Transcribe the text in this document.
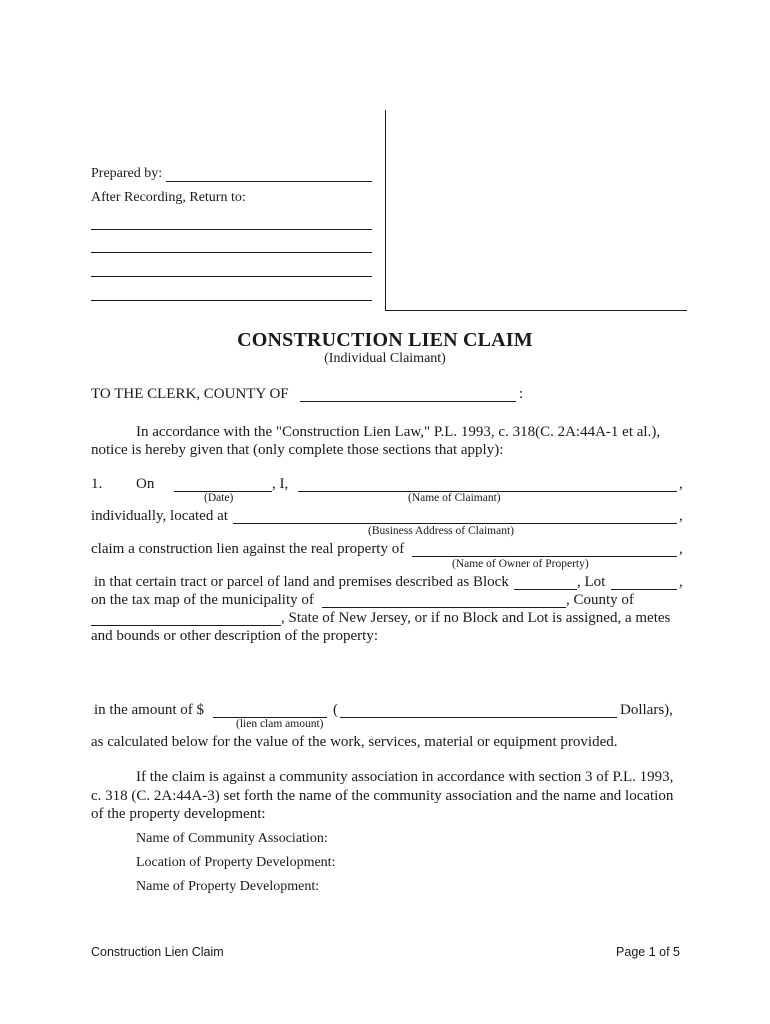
Prepared by:
After Recording, Return to:
CONSTRUCTION LIEN CLAIM
(Individual Claimant)
TO THE CLERK, COUNTY OF	:
In accordance with the "Construction Lien Law," P.L. 1993, c. 318(C. 2A:44A-1 et al.),
notice is hereby given that (only complete those sections that apply):
1. On	, I,	,
(Date)	(Name of Claimant)
individually, located at	,
(Business Address of Claimant)
claim a construction lien against the real property of	,
(Name of Owner of Property)
in that certain tract or parcel of land and premises described as Block	, Lot	,
on the tax map of the municipality of	, County of
, State of New Jersey, or if no Block and Lot is assigned, a metes
and bounds or other description of the property:
in the amount of $	(	Dollars),
(lien clam amount)
as calculated below for the value of the work, services, material or equipment provided.
If the claim is against a community association in accordance with section 3 of P.L. 1993,
c. 318 (C. 2A:44A-3) set forth the name of the community association and the name and location
of the property development:
Name of Community Association:
Location of Property Development:
Name of Property Development:
Construction Lien Claim	Page 1 of 5
